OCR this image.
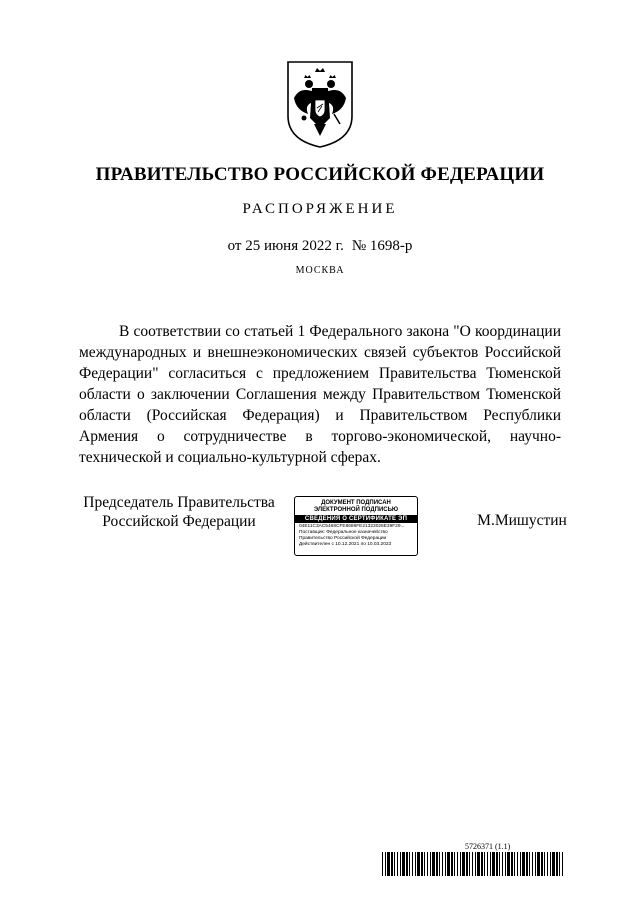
ПРАВИТЕЛЬСТВО РОССИЙСКОЙ ФЕДЕРАЦИИ
РАСПОРЯЖЕНИЕ
от 25 июня 2022 г. № 1698-р
МОСКВА

В соответствии со статьей 1 Федерального закона "О координации международных и внешнеэкономических связей субъектов Российской Федерации" согласиться с предложением Правительства Тюменской области о заключении Соглашения между Правительством Тюменской области (Российская Федерация) и Правительством Республики Армения о сотрудничестве в торгово-экономической, научно-технической и социально-культурной сферах.

Председатель Правительства
Российской Федерации
ДОКУМЕНТ ПОДПИСАН
ЭЛЕКТРОННОЙ ПОДПИСЬЮ
СВЕДЕНИЯ О СЕРТИФИКАТЕ ЭП
04E11C3AC5468CFE8686FE21323028E39F29...
Поставщик: Федеральное казначейство
Правительство Российской Федерации
Действителен с 10.12.2021 по 10.03.2023
М.Мишустин
5726371 (1.1)
